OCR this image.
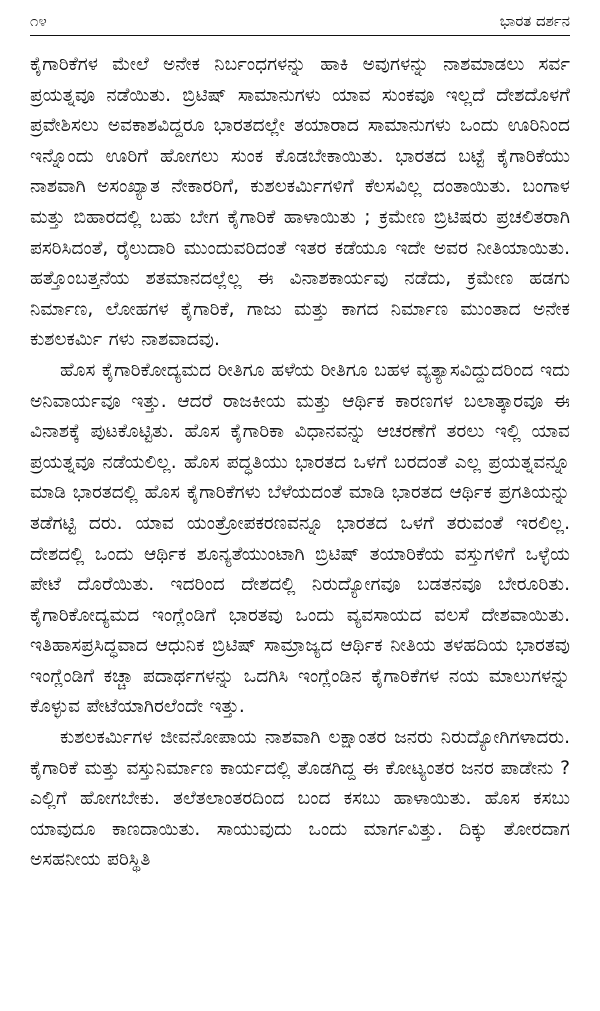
೧೪	ಭಾರತ ದರ್ಶನ

ಕೈಗಾರಿಕೆಗಳ ಮೇಲೆ ಅನೇಕ ನಿರ್ಬಂಧಗಳನ್ನು ಹಾಕಿ ಅವುಗಳನ್ನು ನಾಶಮಾಡಲು ಸರ್ವ ಪ್ರಯತ್ನವೂ ನಡೆಯಿತು. ಬ್ರಿಟಿಷ್ ಸಾಮಾನುಗಳು ಯಾವ ಸುಂಕವೂ ಇಲ್ಲದೆ ದೇಶದೊಳಗೆ ಪ್ರವೇಶಿಸಲು ಅವಕಾಶವಿದ್ದರೂ ಭಾರತದಲ್ಲೇ ತಯಾರಾದ ಸಾಮಾನುಗಳು ಒಂದು ಊರಿನಿಂದ ಇನ್ನೊಂದು ಊರಿಗೆ ಹೋಗಲು ಸುಂಕ ಕೊಡಬೇಕಾಯಿತು. ಭಾರತದ ಬಟ್ಟೆ ಕೈಗಾರಿಕೆಯು ನಾಶವಾಗಿ ಅಸಂಖ್ಯಾತ ನೇಕಾರರಿಗೆ, ಕುಶಲಕರ್ಮಿಗಳಿಗೆ ಕೆಲಸವಿಲ್ಲ ದಂತಾಯಿತು. ಬಂಗಾಳ ಮತ್ತು ಬಿಹಾರದಲ್ಲಿ ಬಹು ಬೇಗ ಕೈಗಾರಿಕೆ ಹಾಳಾಯಿತು ; ಕ್ರಮೇಣ ಬ್ರಿಟಿಷರು ಪ್ರಚಲಿತರಾಗಿ ಪಸರಿಸಿದಂತೆ, ರೈಲುದಾರಿ ಮುಂದುವರಿದಂತೆ ಇತರ ಕಡೆಯೂ ಇದೇ ಅವರ ನೀತಿಯಾಯಿತು. ಹತ್ತೊಂಬತ್ತನೆಯ ಶತಮಾನದಲ್ಲೆಲ್ಲ ಈ ವಿನಾಶಕಾರ್ಯವು ನಡೆದು, ಕ್ರಮೇಣ ಹಡಗು ನಿರ್ಮಾಣ, ಲೋಹಗಳ ಕೈಗಾರಿಕೆ, ಗಾಜು ಮತ್ತು ಕಾಗದ ನಿರ್ಮಾಣ ಮುಂತಾದ ಅನೇಕ ಕುಶಲಕರ್ಮಿ ಗಳು ನಾಶವಾದವು.

ಹೊಸ ಕೈಗಾರಿಕೋದ್ಯಮದ ರೀತಿಗೂ ಹಳೆಯ ರೀತಿಗೂ ಬಹಳ ವ್ಯತ್ಯಾಸವಿದ್ದುದರಿಂದ ಇದು ಅನಿವಾರ್ಯವೂ ಇತ್ತು. ಆದರೆ ರಾಜಕೀಯ ಮತ್ತು ಆರ್ಥಿಕ ಕಾರಣಗಳ ಬಲಾತ್ಕಾರವೂ ಈ ವಿನಾಶಕ್ಕೆ ಪುಟಕೊಟ್ಟಿತು. ಹೊಸ ಕೈಗಾರಿಕಾ ವಿಧಾನವನ್ನು ಆಚರಣೆಗೆ ತರಲು ಇಲ್ಲಿ ಯಾವ ಪ್ರಯತ್ನವೂ ನಡೆಯಲಿಲ್ಲ. ಹೊಸ ಪದ್ಧತಿಯು ಭಾರತದ ಒಳಗೆ ಬರದಂತೆ ಎಲ್ಲ ಪ್ರಯತ್ನವನ್ನೂ ಮಾಡಿ ಭಾರತದಲ್ಲಿ ಹೊಸ ಕೈಗಾರಿಕೆಗಳು ಬೆಳೆಯದಂತೆ ಮಾಡಿ ಭಾರತದ ಆರ್ಥಿಕ ಪ್ರಗತಿಯನ್ನು ತಡೆಗಟ್ಟಿ ದರು. ಯಾವ ಯಂತ್ರೋಪಕರಣವನ್ನೂ ಭಾರತದ ಒಳಗೆ ತರುವಂತೆ ಇರಲಿಲ್ಲ. ದೇಶದಲ್ಲಿ ಒಂದು ಆರ್ಥಿಕ ಶೂನ್ಯತೆಯುಂಟಾಗಿ ಬ್ರಿಟಿಷ್ ತಯಾರಿಕೆಯ ವಸ್ತುಗಳಿಗೆ ಒಳ್ಳೆಯ ಪೇಟೆ ದೊರೆಯಿತು. ಇದರಿಂದ ದೇಶದಲ್ಲಿ ನಿರುದ್ಯೋಗವೂ ಬಡತನವೂ ಬೇರೂರಿತು. ಕೈಗಾರಿಕೋದ್ಯಮದ ಇಂಗ್ಲೆಂಡಿಗೆ ಭಾರತವು ಒಂದು ವ್ಯವಸಾಯದ ವಲಸೆ ದೇಶವಾಯಿತು. ಇತಿಹಾಸಪ್ರಸಿದ್ಧವಾದ ಆಧುನಿಕ ಬ್ರಿಟಿಷ್ ಸಾಮ್ರಾಜ್ಯದ ಆರ್ಥಿಕ ನೀತಿಯ ತಳಹದಿಯ ಭಾರತವು ಇಂಗ್ಲೆಂಡಿಗೆ ಕಚ್ಚಾ ಪದಾರ್ಥಗಳನ್ನು ಒದಗಿಸಿ ಇಂಗ್ಲೆಂಡಿನ ಕೈಗಾರಿಕೆಗಳ ನಯ ಮಾಲುಗಳನ್ನು ಕೊಳ್ಳುವ ಪೇಟೆಯಾಗಿರಲೆಂದೇ ಇತ್ತು.

ಕುಶಲಕರ್ಮಿಗಳ ಜೀವನೋಪಾಯ ನಾಶವಾಗಿ ಲಕ್ಷಾಂತರ ಜನರು ನಿರುದ್ಯೋಗಿಗಳಾದರು. ಕೈಗಾರಿಕೆ ಮತ್ತು ವಸ್ತುನಿರ್ಮಾಣ ಕಾರ್ಯದಲ್ಲಿ ತೊಡಗಿದ್ದ ಈ ಕೋಟ್ಯಂತರ ಜನರ ಪಾಡೇನು ? ಎಲ್ಲಿಗೆ ಹೋಗಬೇಕು. ತಲೆತಲಾಂತರದಿಂದ ಬಂದ ಕಸಬು ಹಾಳಾಯಿತು. ಹೊಸ ಕಸಬು ಯಾವುದೂ ಕಾಣದಾಯಿತು. ಸಾಯುವುದು ಒಂದು ಮಾರ್ಗವಿತ್ತು. ದಿಕ್ಕು ತೋರದಾಗ ಅಸಹನೀಯ ಪರಿಸ್ಥಿತಿ
